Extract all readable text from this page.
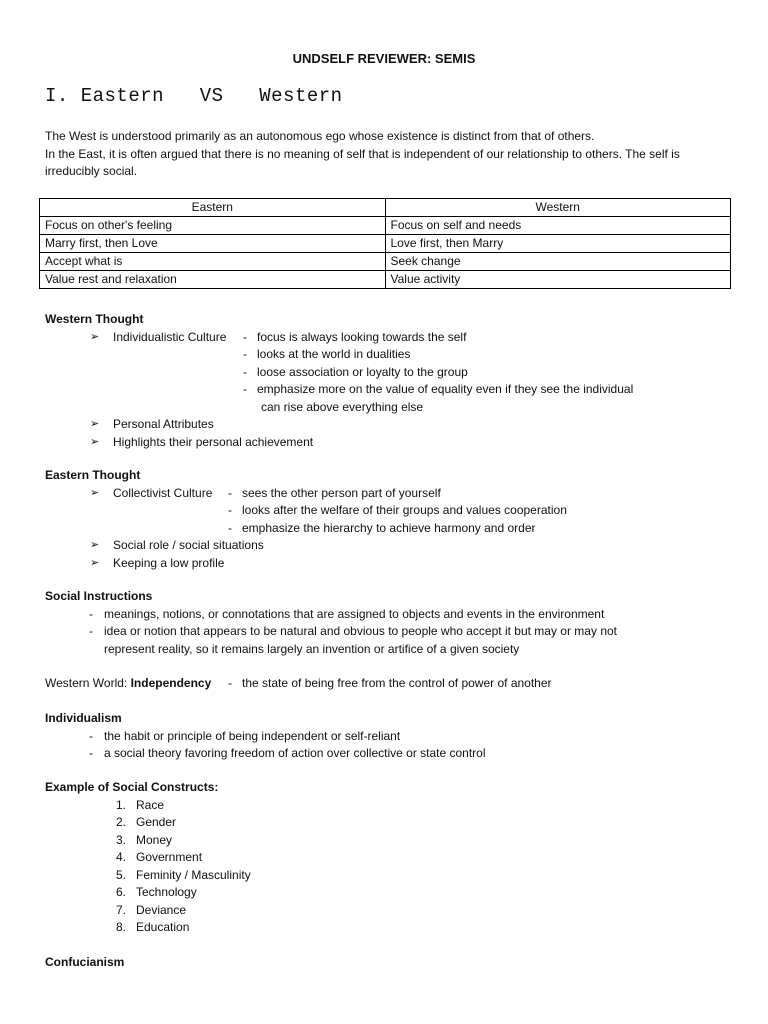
UNDSELF REVIEWER: SEMIS
I. Eastern   VS   Western

The West is understood primarily as an autonomous ego whose existence is distinct from that of others.

In the East, it is often argued that there is no meaning of self that is independent of our relationship to others. The self is irreducibly social.

Eastern	Western
Focus on other's feeling	Focus on self and needs
Marry first, then Love	Love first, then Marry
Accept what is	Seek change
Value rest and relaxation	Value activity
Western Thought
➢ Individualistic Culture - focus is always looking towards the self
- looks at the world in dualities
- loose association or loyalty to the group
- emphasize more on the value of equality even if they see the individual
can rise above everything else
➢ Personal Attributes
➢ Highlights their personal achievement
Eastern Thought
➢ Collectivist Culture - sees the other person part of yourself
- looks after the welfare of their groups and values cooperation
- emphasize the hierarchy to achieve harmony and order
➢ Social role / social situations
➢ Keeping a low profile
Social Instructions
- meanings, notions, or connotations that are assigned to objects and events in the environment
- idea or notion that appears to be natural and obvious to people who accept it but may or may not
represent reality, so it remains largely an invention or artifice of a given society
Western World: Independency - the state of being free from the control of power of another
Individualism
- the habit or principle of being independent or self-reliant
- a social theory favoring freedom of action over collective or state control
Example of Social Constructs:
1. Race
2. Gender
3. Money
4. Government
5. Feminity / Masculinity
6. Technology
7. Deviance
8. Education
Confucianism
